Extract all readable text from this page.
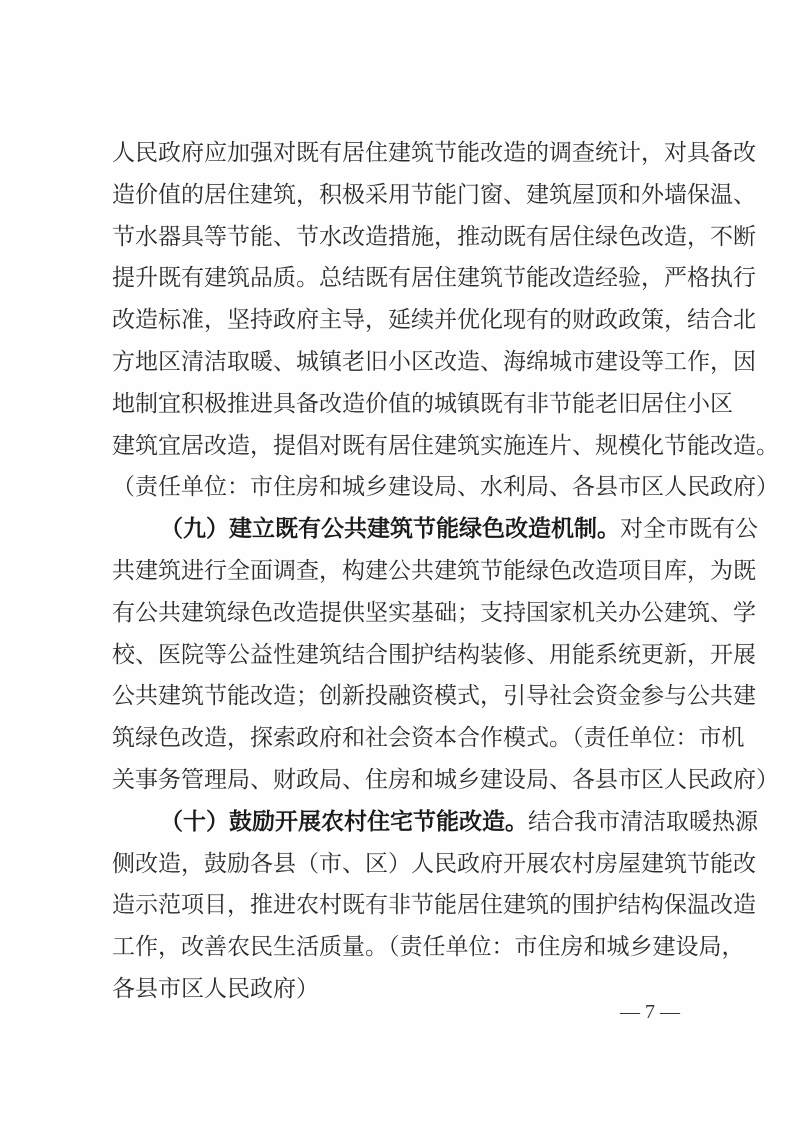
人民政府应加强对既有居住建筑节能改造的调查统计，对具备改
造价值的居住建筑，积极采用节能门窗、建筑屋顶和外墙保温、
节水器具等节能、节水改造措施，推动既有居住绿色改造，不断
提升既有建筑品质。总结既有居住建筑节能改造经验，严格执行
改造标准，坚持政府主导，延续并优化现有的财政政策，结合北
方地区清洁取暖、城镇老旧小区改造、海绵城市建设等工作，因
地制宜积极推进具备改造价值的城镇既有非节能老旧居住小区
建筑宜居改造，提倡对既有居住建筑实施连片、规模化节能改造。
（责任单位：市住房和城乡建设局、水利局、各县市区人民政府）
（九）建立既有公共建筑节能绿色改造机制。对全市既有公
共建筑进行全面调查，构建公共建筑节能绿色改造项目库，为既
有公共建筑绿色改造提供坚实基础；支持国家机关办公建筑、学
校、医院等公益性建筑结合围护结构装修、用能系统更新，开展
公共建筑节能改造；创新投融资模式，引导社会资金参与公共建
筑绿色改造，探索政府和社会资本合作模式。（责任单位：市机
关事务管理局、财政局、住房和城乡建设局、各县市区人民政府）
（十）鼓励开展农村住宅节能改造。结合我市清洁取暖热源
侧改造，鼓励各县（市、区）人民政府开展农村房屋建筑节能改
造示范项目，推进农村既有非节能居住建筑的围护结构保温改造
工作，改善农民生活质量。（责任单位：市住房和城乡建设局，
各县市区人民政府）
— 7 —
